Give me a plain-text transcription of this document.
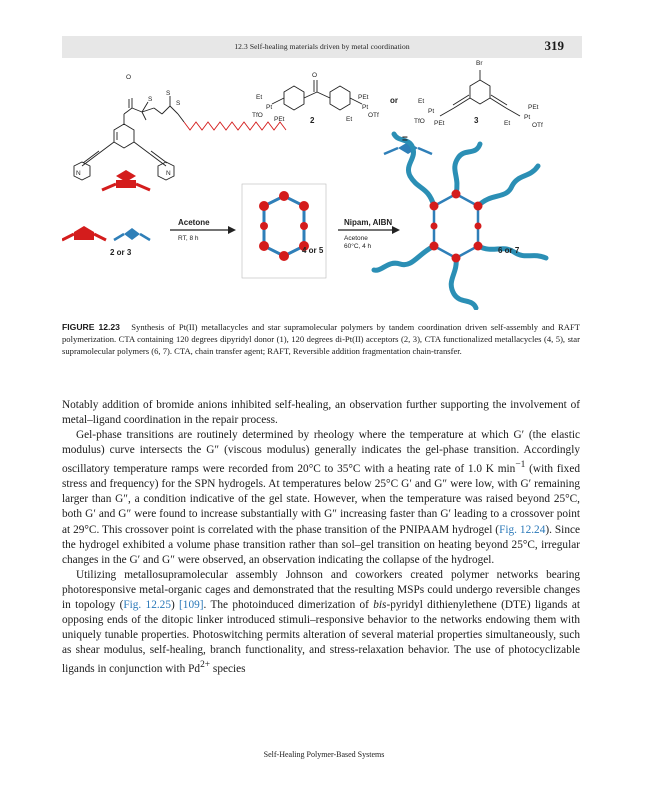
12.3 Self-healing materials driven by metal coordination	319
O
S
S
S
N	N
O
Et
Pt
TfO
PEt	2
PEt
Pt
Et
OTf
or
Br
Et
Pt
TfO PEt	3
PEt
Pt
Et	OTf
=
Acetone
RT, 8 h
4 or 5
2 or 3
Nipam, AIBN
Acetone
60°C, 4 h	6 or 7
FIGURE 12.23 Synthesis of Pt(II) metallacycles and star supramolecular polymers by tandem coordination driven self-assembly and RAFT polymerization. CTA containing 120 degrees dipyridyl donor (1), 120 degrees di-Pt(II) acceptors (2, 3), CTA functionalized metallacycles (4, 5), star supramolecular polymers (6, 7). CTA, chain transfer agent; RAFT, Reversible addition fragmentation chain-transfer.

Notably addition of bromide anions inhibited self-healing, an observation further supporting the involvement of metal–ligand coordination in the repair process.

Gel-phase transitions are routinely determined by rheology where the temperature at which G′ (the elastic modulus) curve intersects the G″ (viscous modulus) generally indicates the gel-phase transition. Accordingly oscillatory temperature ramps were recorded from 20°C to 35°C with a heating rate of 1.0 K $\min^{-1}$ (with fixed stress and frequency) for the SPN hydrogels. At temperatures below 25°C G′ and G″ were low, with G′ remaining larger than G″, a condition indicative of the gel state. However, when the temperature was raised beyond 25°C, both G′ and G″ were found to increase substantially with G″ increasing faster than G′ leading to a crossover point at 29°C. This crossover point is correlated with the phase transition of the PNIPAAM hydrogel (Fig. 12.24). Since the hydrogel exhibited a volume phase transition rather than sol–gel transition on heating beyond 25°C, irregular changes in the G′ and G″ were observed, an observation indicating the collapse of the hydrogel.

Utilizing metallosupramolecular assembly Johnson and coworkers created polymer networks bearing photoresponsive metal-organic cages and demonstrated that the resulting MSPs could undergo reversible changes in topology (Fig. 12.25) [109]. The photoinduced dimerization of bis-pyridyl dithienylethene (DTE) ligands at opposing ends of the ditopic linker introduced stimuli–responsive behavior to the networks endowing them with uniquely tunable properties. Photoswitching permits alteration of several material properties simultaneously, such as shear modulus, self-healing, branch functionality, and stress-relaxation behavior. The use of photocyclizable ligands in conjunction with $Pd^{2+}$ species

Self-Healing Polymer-Based Systems
